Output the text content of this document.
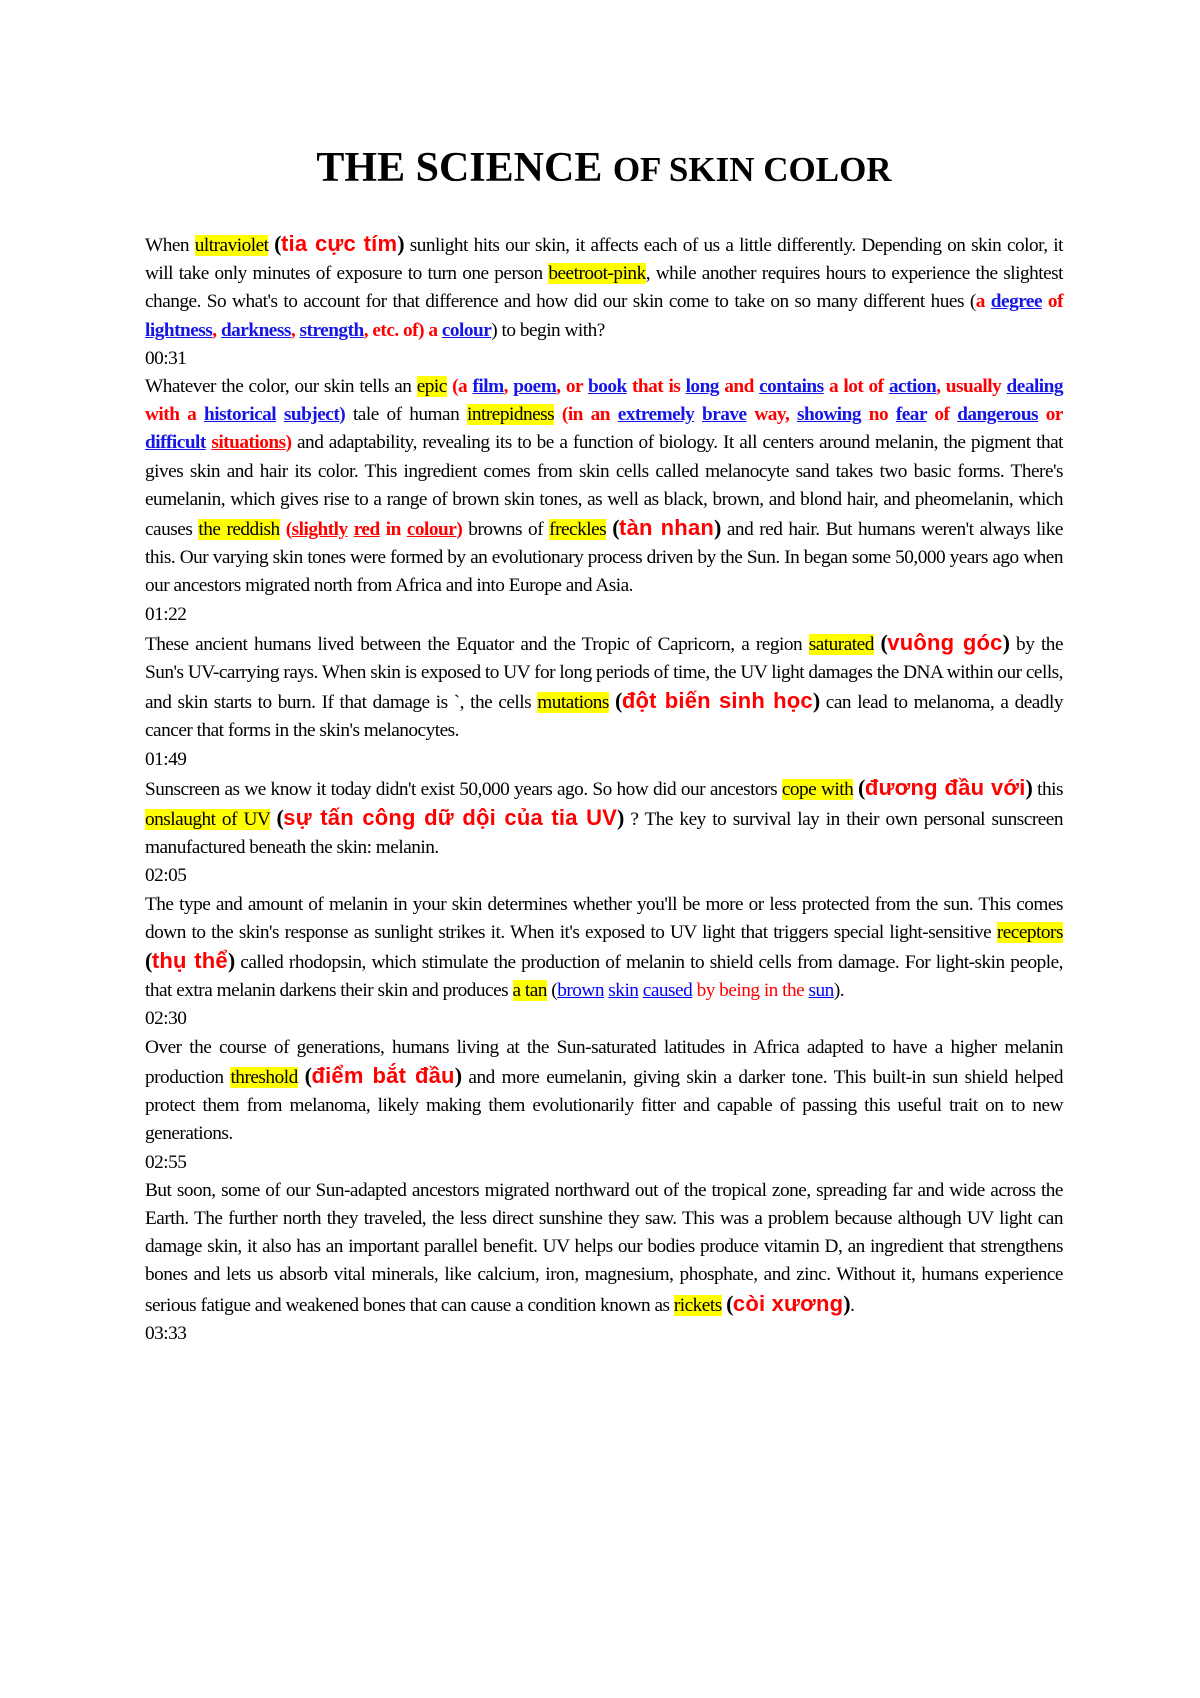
THE SCIENCE OF SKIN COLOR

When ultraviolet (tia cực tím) sunlight hits our skin, it affects each of us a little differently. Depending on skin color, it will take only minutes of exposure to turn one person beetroot-pink, while another requires hours to experience the slightest change. So what's to account for that difference and how did our skin come to take on so many different hues (a degree of lightness, darkness, strength, etc. of) a colour) to begin with?

00:31

Whatever the color, our skin tells an epic (a film, poem, or book that is long and contains a lot of action, usually dealing with a historical subject) tale of human intrepidness (in an extremely brave way, showing no fear of dangerous or difficult situations) and adaptability, revealing its to be a function of biology. It all centers around melanin, the pigment that gives skin and hair its color. This ingredient comes from skin cells called melanocyte sand takes two basic forms. There's eumelanin, which gives rise to a range of brown skin tones, as well as black, brown, and blond hair, and pheomelanin, which causes the reddish (slightly red in colour) browns of freckles (tàn nhan) and red hair. But humans weren't always like this. Our varying skin tones were formed by an evolutionary process driven by the Sun. In began some 50,000 years ago when our ancestors migrated north from Africa and into Europe and Asia.

01:22

These ancient humans lived between the Equator and the Tropic of Capricorn, a region saturated (vuông góc) by the Sun's UV-carrying rays. When skin is exposed to UV for long periods of time, the UV light damages the DNA within our cells, and skin starts to burn. If that damage is `, the cells mutations (đột biến sinh học) can lead to melanoma, a deadly cancer that forms in the skin's melanocytes.

01:49

Sunscreen as we know it today didn't exist 50,000 years ago. So how did our ancestors cope with (đương đầu với) this onslaught of UV (sự tấn công dữ dội của tia UV) ? The key to survival lay in their own personal sunscreen manufactured beneath the skin: melanin.

02:05

The type and amount of melanin in your skin determines whether you'll be more or less protected from the sun. This comes down to the skin's response as sunlight strikes it. When it's exposed to UV light that triggers special light-sensitive receptors (thụ thể) called rhodopsin, which stimulate the production of melanin to shield cells from damage. For light-skin people, that extra melanin darkens their skin and produces a tan (brown skin caused by being in the sun).

02:30

Over the course of generations, humans living at the Sun-saturated latitudes in Africa adapted to have a higher melanin production threshold (điểm bắt đầu) and more eumelanin, giving skin a darker tone. This built-in sun shield helped protect them from melanoma, likely making them evolutionarily fitter and capable of passing this useful trait on to new generations.

02:55

But soon, some of our Sun-adapted ancestors migrated northward out of the tropical zone, spreading far and wide across the Earth. The further north they traveled, the less direct sunshine they saw. This was a problem because although UV light can damage skin, it also has an important parallel benefit. UV helps our bodies produce vitamin D, an ingredient that strengthens bones and lets us absorb vital minerals, like calcium, iron, magnesium, phosphate, and zinc. Without it, humans experience serious fatigue and weakened bones that can cause a condition known as rickets (còi xương).

03:33
